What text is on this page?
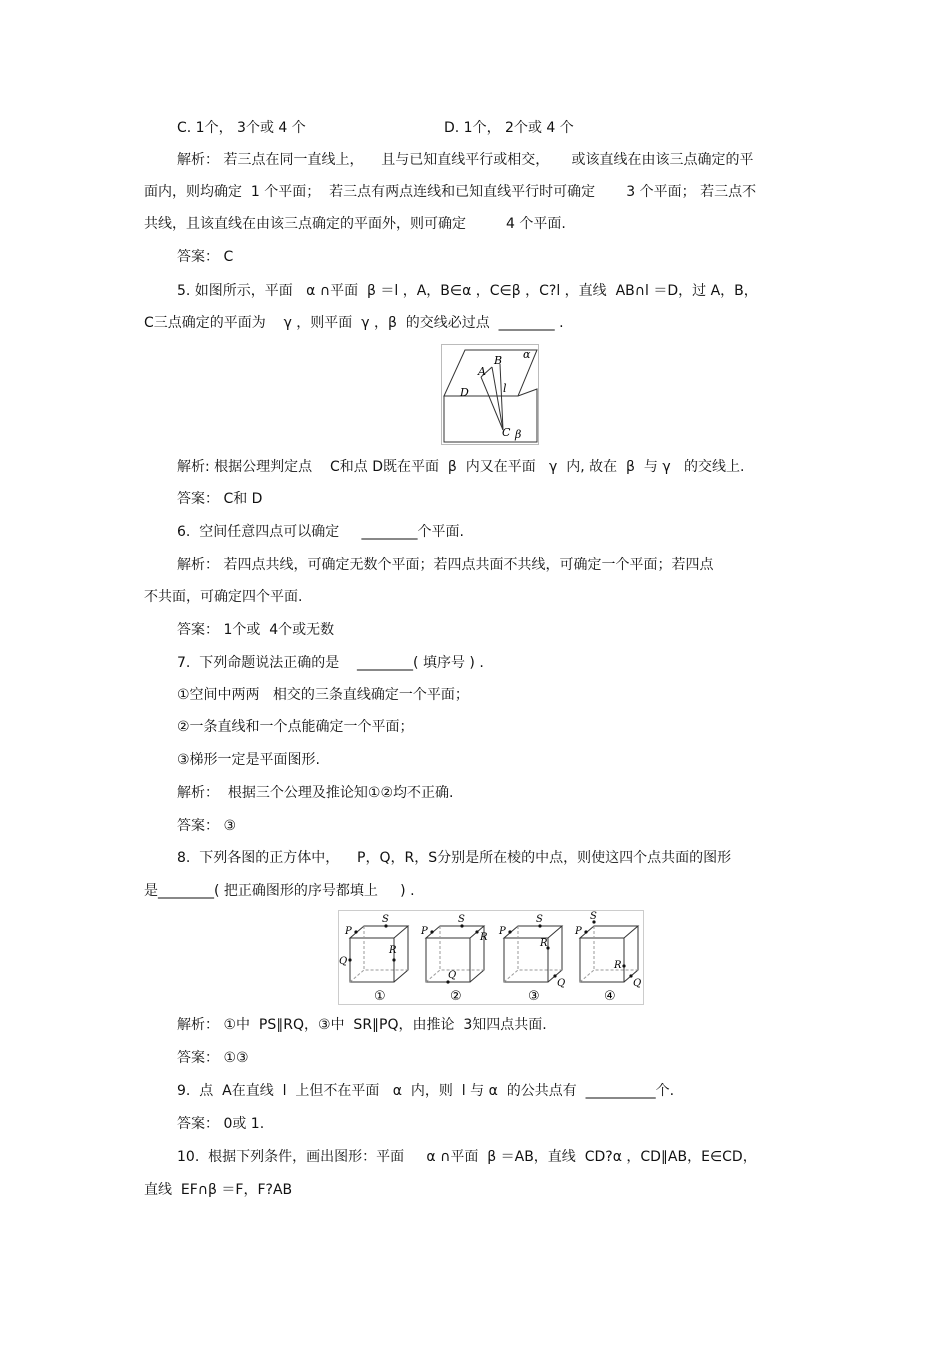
C. 1个， 3个或 4 个	D. 1个， 2个或 4 个
解析： 若三点在同一直线上，    且与已知直线平行或相交，     或该直线在由该三点确定的平
面内，则均确定  1 个平面；  若三点有两点连线和已知直线平行时可确定       3 个平面； 若三点不
共线，且该直线在由该三点确定的平面外，则可确定         4 个平面.
答案： C
5. 如图所示，平面   α ∩平面  β ＝l ，A，B∈α ，C∈β ，C?l ，直线  AB∩l ＝D，过 A，B，
C三点确定的平面为    γ ，则平面  γ ，β  的交线必过点  ________ .
α
B
A
D	l
C β
解析: 根据公理判定点    C和点 D既在平面  β  内又在平面   γ  内, 故在  β  与 γ   的交线上.
答案： C和 D
6.  空间任意四点可以确定     ________个平面.
解析： 若四点共线，可确定无数个平面；若四点共面不共线，可确定一个平面；若四点
不共面，可确定四个平面.
答案： 1个或  4个或无数
7.  下列命题说法正确的是    ________( 填序号 ) .
①空间中两两   相交的三条直线确定一个平面；
②一条直线和一个点能确定一个平面；
③梯形一定是平面图形.
解析：  根据三个公理及推论知①②均不正确.
答案： ③
8.  下列各图的正方体中，    P，Q，R，S分别是所在棱的中点，则使这四个点共面的图形
是________( 把正确图形的序号都填上     ) .
S
P
R
Q
①
S
P
R
Q
②
S
P
R
Q
③
S
P
R
Q
④
解析： ①中  PS∥RQ，③中  SR∥PQ，由推论  3知四点共面.
答案： ①③
9.  点  A在直线  l  上但不在平面   α  内，则  l 与 α  的公共点有  __________个.
答案： 0或 1.
10.  根据下列条件，画出图形：平面     α ∩平面  β ＝AB，直线  CD?α ，CD∥AB，E∈CD，
直线  EF∩β ＝F，F?AB
